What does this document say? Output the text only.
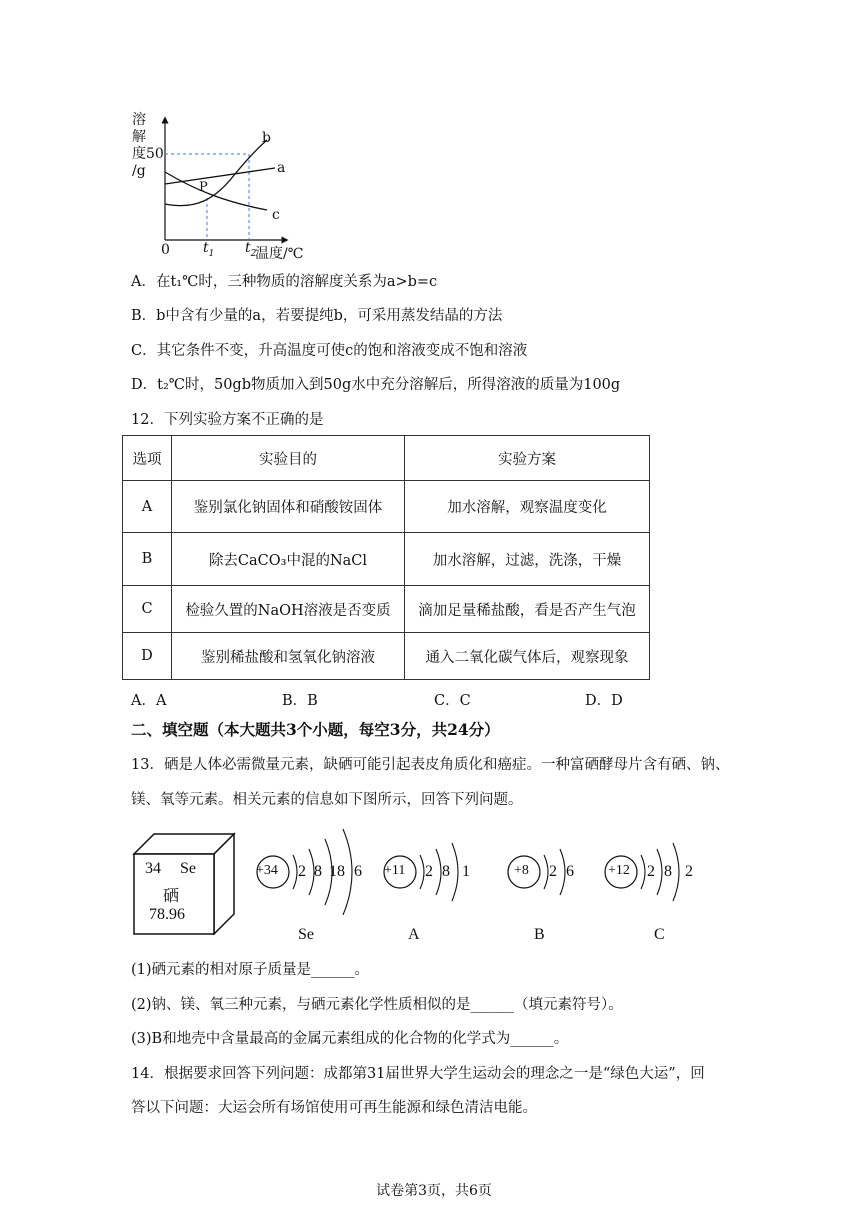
溶
解
度
/g
50
b
a
c
P
0 $t_1$ $t_2$
温度/℃
A．在t₁℃时，三种物质的溶解度关系为a>b=c
B．b中含有少量的a，若要提纯b，可采用蒸发结晶的方法
C．其它条件不变，升高温度可使c的饱和溶液变成不饱和溶液
D．t₂℃时，50gb物质加入到50g水中充分溶解后，所得溶液的质量为100g
12．下列实验方案不正确的是
选项	实验目的	实验方案
A	鉴别氯化钠固体和硝酸铵固体	加水溶解，观察温度变化
B	除去CaCO₃中混的NaCl	加水溶解，过滤，洗涤，干燥
C	检验久置的NaOH溶液是否变质	滴加足量稀盐酸，看是否产生气泡
D	鉴别稀盐酸和氢氧化钠溶液	通入二氧化碳气体后，观察现象
A．A	B．B	C．C	D．D
二、填空题（本大题共3个小题，每空3分，共24分）
13．硒是人体必需微量元素，缺硒可能引起表皮角质化和癌症。一种富硒酵母片含有硒、钠、
镁、氧等元素。相关元素的信息如下图所示，回答下列问题。
34 Se
硒
78.96
+34	+11	+8	+12
2 8 18 6	2 8 1	2 6	2 8 2
Se	A	B	C
(1)硒元素的相对原子质量是______。
(2)钠、镁、氧三种元素，与硒元素化学性质相似的是______（填元素符号）。
(3)B和地壳中含量最高的金属元素组成的化合物的化学式为______。
14．根据要求回答下列问题：成都第31届世界大学生运动会的理念之一是“绿色大运”，回
答以下问题：大运会所有场馆使用可再生能源和绿色清洁电能。
试卷第3页，共6页
